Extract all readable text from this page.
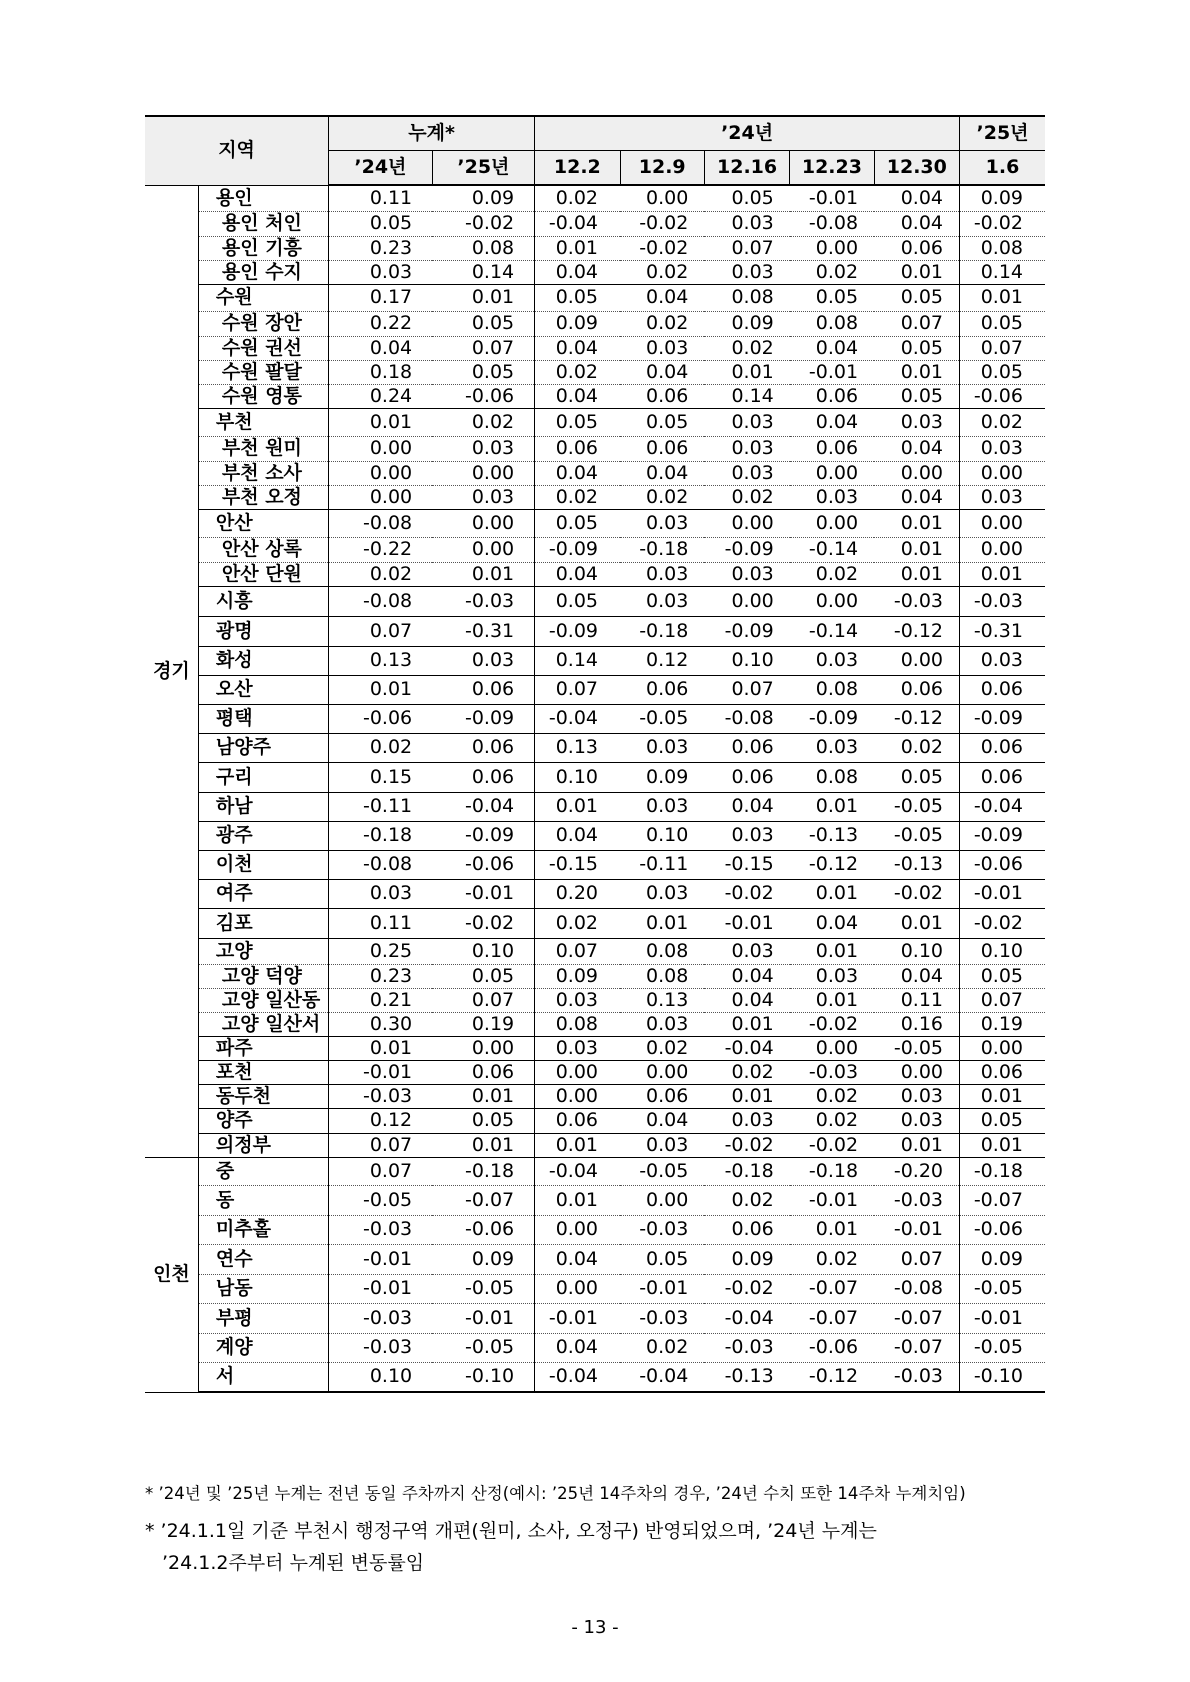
지역		누계*		’24년					’25년
		’24년	’25년	12.2	12.9	12.16	12.23	12.30	1.6
경기	용인	0.11	0.09	0.02	0.00	0.05	-0.01	0.04	0.09
	용인 처인	0.05	-0.02	-0.04	-0.02	0.03	-0.08	0.04	-0.02
	용인 기흥	0.23	0.08	0.01	-0.02	0.07	0.00	0.06	0.08
	용인 수지	0.03	0.14	0.04	0.02	0.03	0.02	0.01	0.14
	수원	0.17	0.01	0.05	0.04	0.08	0.05	0.05	0.01
	수원 장안	0.22	0.05	0.09	0.02	0.09	0.08	0.07	0.05
	수원 권선	0.04	0.07	0.04	0.03	0.02	0.04	0.05	0.07
	수원 팔달	0.18	0.05	0.02	0.04	0.01	-0.01	0.01	0.05
	수원 영통	0.24	-0.06	0.04	0.06	0.14	0.06	0.05	-0.06
	부천	0.01	0.02	0.05	0.05	0.03	0.04	0.03	0.02
	부천 원미	0.00	0.03	0.06	0.06	0.03	0.06	0.04	0.03
	부천 소사	0.00	0.00	0.04	0.04	0.03	0.00	0.00	0.00
	부천 오정	0.00	0.03	0.02	0.02	0.02	0.03	0.04	0.03
	안산	-0.08	0.00	0.05	0.03	0.00	0.00	0.01	0.00
	안산 상록	-0.22	0.00	-0.09	-0.18	-0.09	-0.14	0.01	0.00
	안산 단원	0.02	0.01	0.04	0.03	0.03	0.02	0.01	0.01
	시흥	-0.08	-0.03	0.05	0.03	0.00	0.00	-0.03	-0.03
	광명	0.07	-0.31	-0.09	-0.18	-0.09	-0.14	-0.12	-0.31
	화성	0.13	0.03	0.14	0.12	0.10	0.03	0.00	0.03
	오산	0.01	0.06	0.07	0.06	0.07	0.08	0.06	0.06
	평택	-0.06	-0.09	-0.04	-0.05	-0.08	-0.09	-0.12	-0.09
	남양주	0.02	0.06	0.13	0.03	0.06	0.03	0.02	0.06
	구리	0.15	0.06	0.10	0.09	0.06	0.08	0.05	0.06
	하남	-0.11	-0.04	0.01	0.03	0.04	0.01	-0.05	-0.04
	광주	-0.18	-0.09	0.04	0.10	0.03	-0.13	-0.05	-0.09
	이천	-0.08	-0.06	-0.15	-0.11	-0.15	-0.12	-0.13	-0.06
	여주	0.03	-0.01	0.20	0.03	-0.02	0.01	-0.02	-0.01
	김포	0.11	-0.02	0.02	0.01	-0.01	0.04	0.01	-0.02
	고양	0.25	0.10	0.07	0.08	0.03	0.01	0.10	0.10
	고양 덕양	0.23	0.05	0.09	0.08	0.04	0.03	0.04	0.05
	고양 일산동	0.21	0.07	0.03	0.13	0.04	0.01	0.11	0.07
	고양 일산서	0.30	0.19	0.08	0.03	0.01	-0.02	0.16	0.19
	파주	0.01	0.00	0.03	0.02	-0.04	0.00	-0.05	0.00
	포천	-0.01	0.06	0.00	0.00	0.02	-0.03	0.00	0.06
	동두천	-0.03	0.01	0.00	0.06	0.01	0.02	0.03	0.01
	양주	0.12	0.05	0.06	0.04	0.03	0.02	0.03	0.05
	의정부	0.07	0.01	0.01	0.03	-0.02	-0.02	0.01	0.01
인천	중	0.07	-0.18	-0.04	-0.05	-0.18	-0.18	-0.20	-0.18
	동	-0.05	-0.07	0.01	0.00	0.02	-0.01	-0.03	-0.07
	미추홀	-0.03	-0.06	0.00	-0.03	0.06	0.01	-0.01	-0.06
	연수	-0.01	0.09	0.04	0.05	0.09	0.02	0.07	0.09
	남동	-0.01	-0.05	0.00	-0.01	-0.02	-0.07	-0.08	-0.05
	부평	-0.03	-0.01	-0.01	-0.03	-0.04	-0.07	-0.07	-0.01
	계양	-0.03	-0.05	0.04	0.02	-0.03	-0.06	-0.07	-0.05
	서	0.10	-0.10	-0.04	-0.04	-0.13	-0.12	-0.03	-0.10
* ’24년 및 ’25년 누계는 전년 동일 주차까지 산정(예시: ’25년 14주차의 경우, ’24년 수치 또한 14주차 누계치임)
* ’24.1.1일 기준 부천시 행정구역 개편(원미, 소사, 오정구) 반영되었으며, ’24년 누계는
’24.1.2주부터 누계된 변동률임
- 13 -
